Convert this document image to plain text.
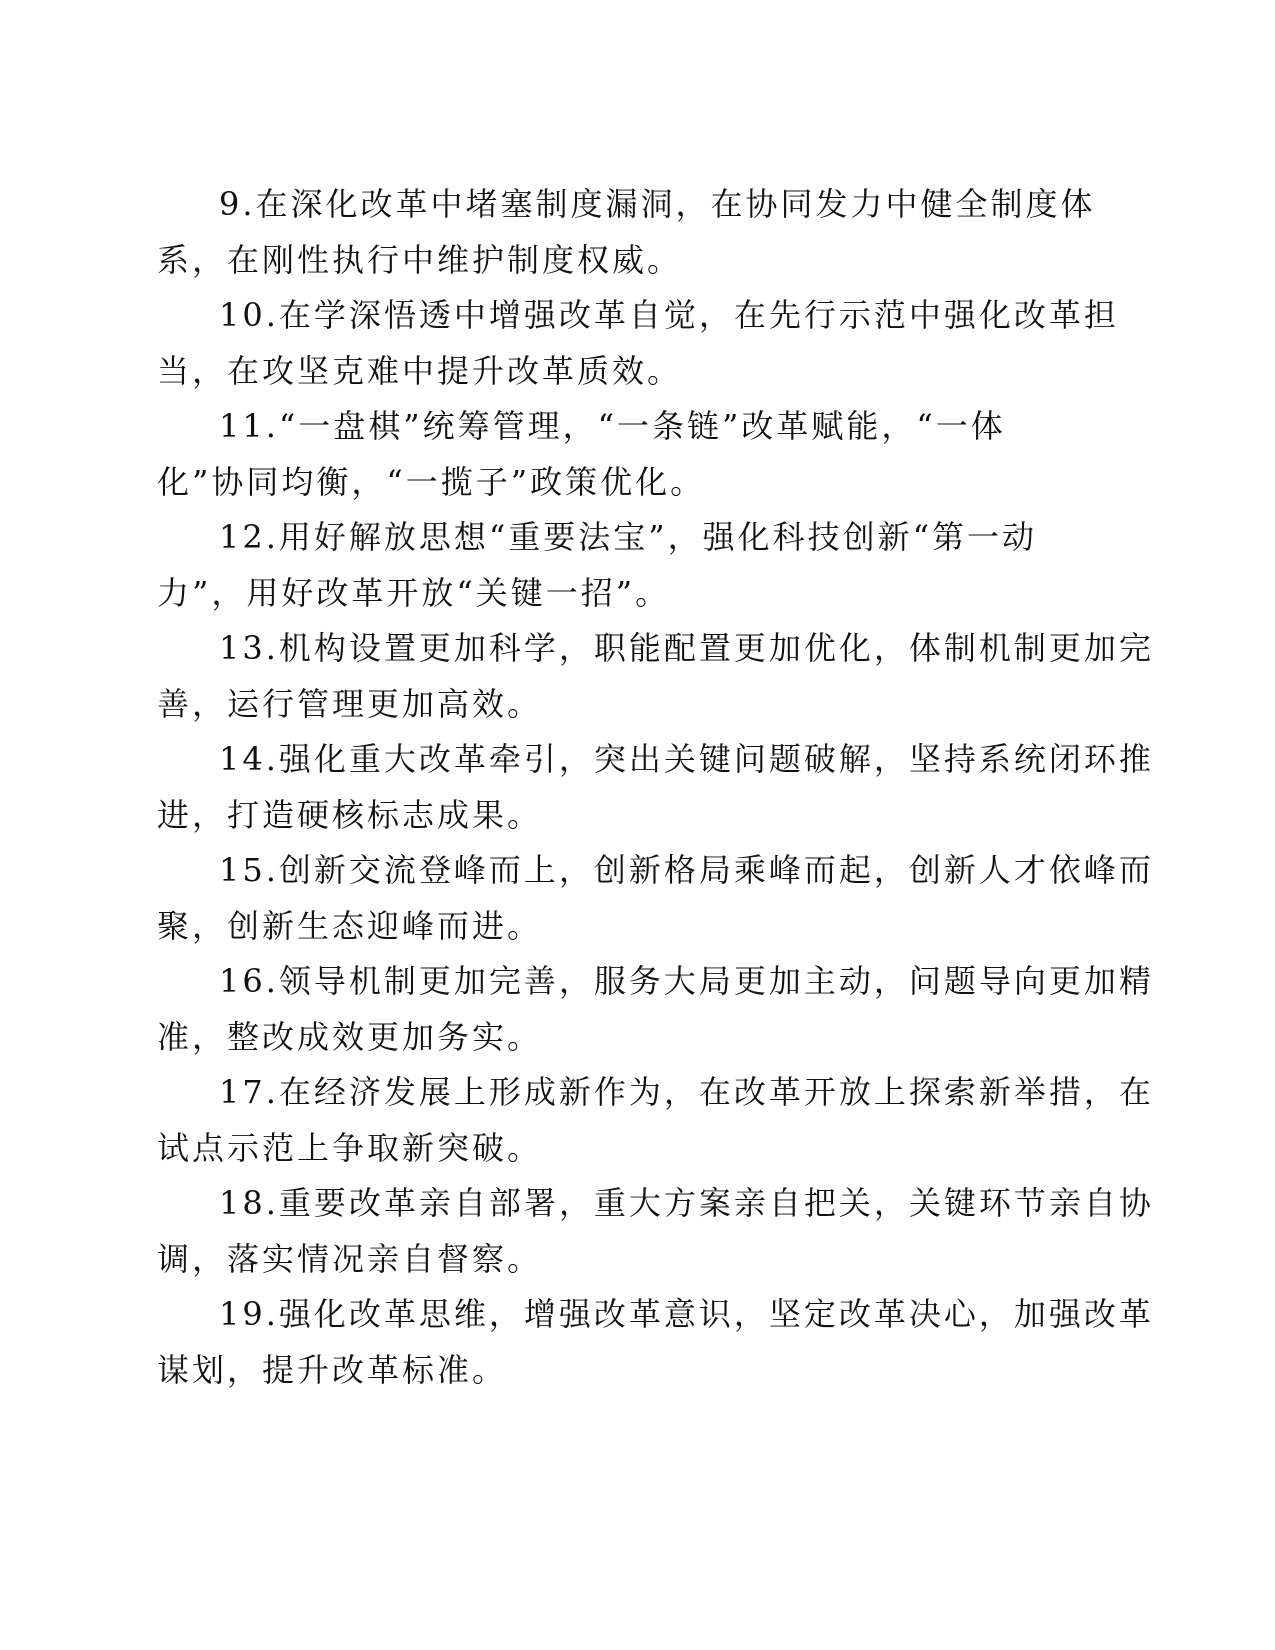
9.在深化改革中堵塞制度漏洞，在协同发力中健全制度体
系，在刚性执行中维护制度权威。
10.在学深悟透中增强改革自觉，在先行示范中强化改革担
当，在攻坚克难中提升改革质效。
11.“一盘棋”统筹管理，“一条链”改革赋能，“一体
化”协同均衡，“一揽子”政策优化。
12.用好解放思想“重要法宝”，强化科技创新“第一动
力”，用好改革开放“关键一招”。
13.机构设置更加科学，职能配置更加优化，体制机制更加完
善，运行管理更加高效。
14.强化重大改革牵引，突出关键问题破解，坚持系统闭环推
进，打造硬核标志成果。
15.创新交流登峰而上，创新格局乘峰而起，创新人才依峰而
聚，创新生态迎峰而进。
16.领导机制更加完善，服务大局更加主动，问题导向更加精
准，整改成效更加务实。
17.在经济发展上形成新作为，在改革开放上探索新举措，在
试点示范上争取新突破。
18.重要改革亲自部署，重大方案亲自把关，关键环节亲自协
调，落实情况亲自督察。
19.强化改革思维，增强改革意识，坚定改革决心，加强改革
谋划，提升改革标准。
